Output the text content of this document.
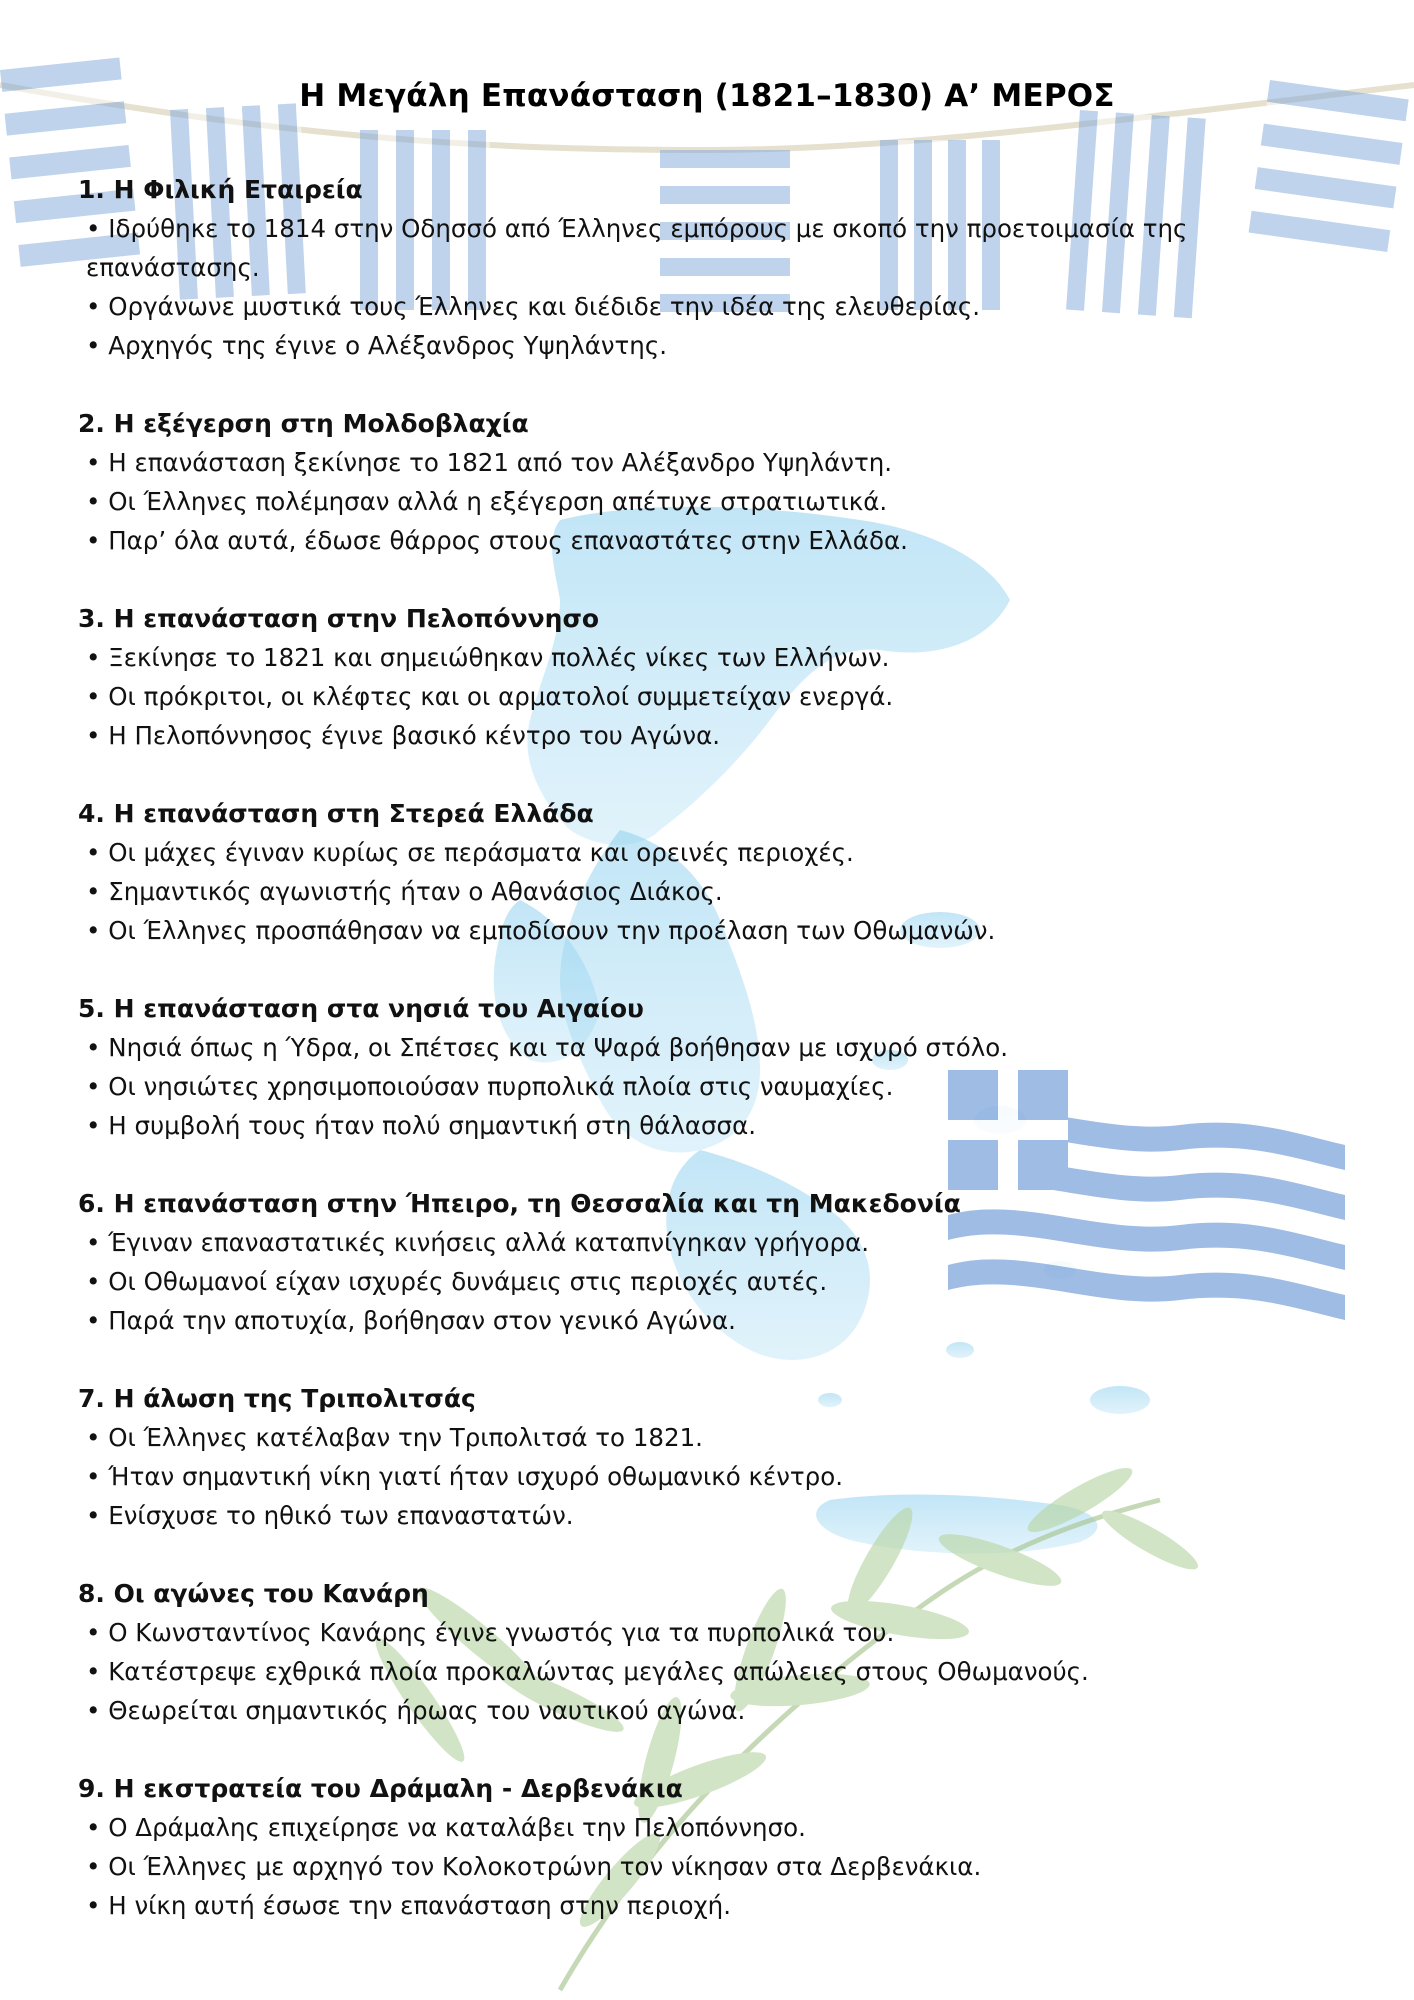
Η Μεγάλη Επανάσταση (1821–1830) Α’ ΜΕΡΟΣ

1. Η Φιλική Εταιρεία

• Ιδρύθηκε το 1814 στην Οδησσό από Έλληνες εμπόρους με σκοπό την προετοιμασία της επανάστασης.

• Οργάνωνε μυστικά τους Έλληνες και διέδιδε την ιδέα της ελευθερίας.

• Αρχηγός της έγινε ο Αλέξανδρος Υψηλάντης.

2. Η εξέγερση στη Μολδοβλαχία

• Η επανάσταση ξεκίνησε το 1821 από τον Αλέξανδρο Υψηλάντη.

• Οι Έλληνες πολέμησαν αλλά η εξέγερση απέτυχε στρατιωτικά.

• Παρ’ όλα αυτά, έδωσε θάρρος στους επαναστάτες στην Ελλάδα.

3. Η επανάσταση στην Πελοπόννησο

• Ξεκίνησε το 1821 και σημειώθηκαν πολλές νίκες των Ελλήνων.

• Οι πρόκριτοι, οι κλέφτες και οι αρματολοί συμμετείχαν ενεργά.

• Η Πελοπόννησος έγινε βασικό κέντρο του Αγώνα.

4. Η επανάσταση στη Στερεά Ελλάδα

• Οι μάχες έγιναν κυρίως σε περάσματα και ορεινές περιοχές.

• Σημαντικός αγωνιστής ήταν ο Αθανάσιος Διάκος.

• Οι Έλληνες προσπάθησαν να εμποδίσουν την προέλαση των Οθωμανών.

5. Η επανάσταση στα νησιά του Αιγαίου

• Νησιά όπως η Ύδρα, οι Σπέτσες και τα Ψαρά βοήθησαν με ισχυρό στόλο.

• Οι νησιώτες χρησιμοποιούσαν πυρπολικά πλοία στις ναυμαχίες.

• Η συμβολή τους ήταν πολύ σημαντική στη θάλασσα.

6. Η επανάσταση στην Ήπειρο, τη Θεσσαλία και τη Μακεδονία

• Έγιναν επαναστατικές κινήσεις αλλά καταπνίγηκαν γρήγορα.

• Οι Οθωμανοί είχαν ισχυρές δυνάμεις στις περιοχές αυτές.

• Παρά την αποτυχία, βοήθησαν στον γενικό Αγώνα.

7. Η άλωση της Τριπολιτσάς

• Οι Έλληνες κατέλαβαν την Τριπολιτσά το 1821.

• Ήταν σημαντική νίκη γιατί ήταν ισχυρό οθωμανικό κέντρο.

• Ενίσχυσε το ηθικό των επαναστατών.

8. Οι αγώνες του Κανάρη

• Ο Κωνσταντίνος Κανάρης έγινε γνωστός για τα πυρπολικά του.

• Κατέστρεψε εχθρικά πλοία προκαλώντας μεγάλες απώλειες στους Οθωμανούς.

• Θεωρείται σημαντικός ήρωας του ναυτικού αγώνα.

9. Η εκστρατεία του Δράμαλη - Δερβενάκια

• Ο Δράμαλης επιχείρησε να καταλάβει την Πελοπόννησο.

• Οι Έλληνες με αρχηγό τον Κολοκοτρώνη τον νίκησαν στα Δερβενάκια.

• Η νίκη αυτή έσωσε την επανάσταση στην περιοχή.
